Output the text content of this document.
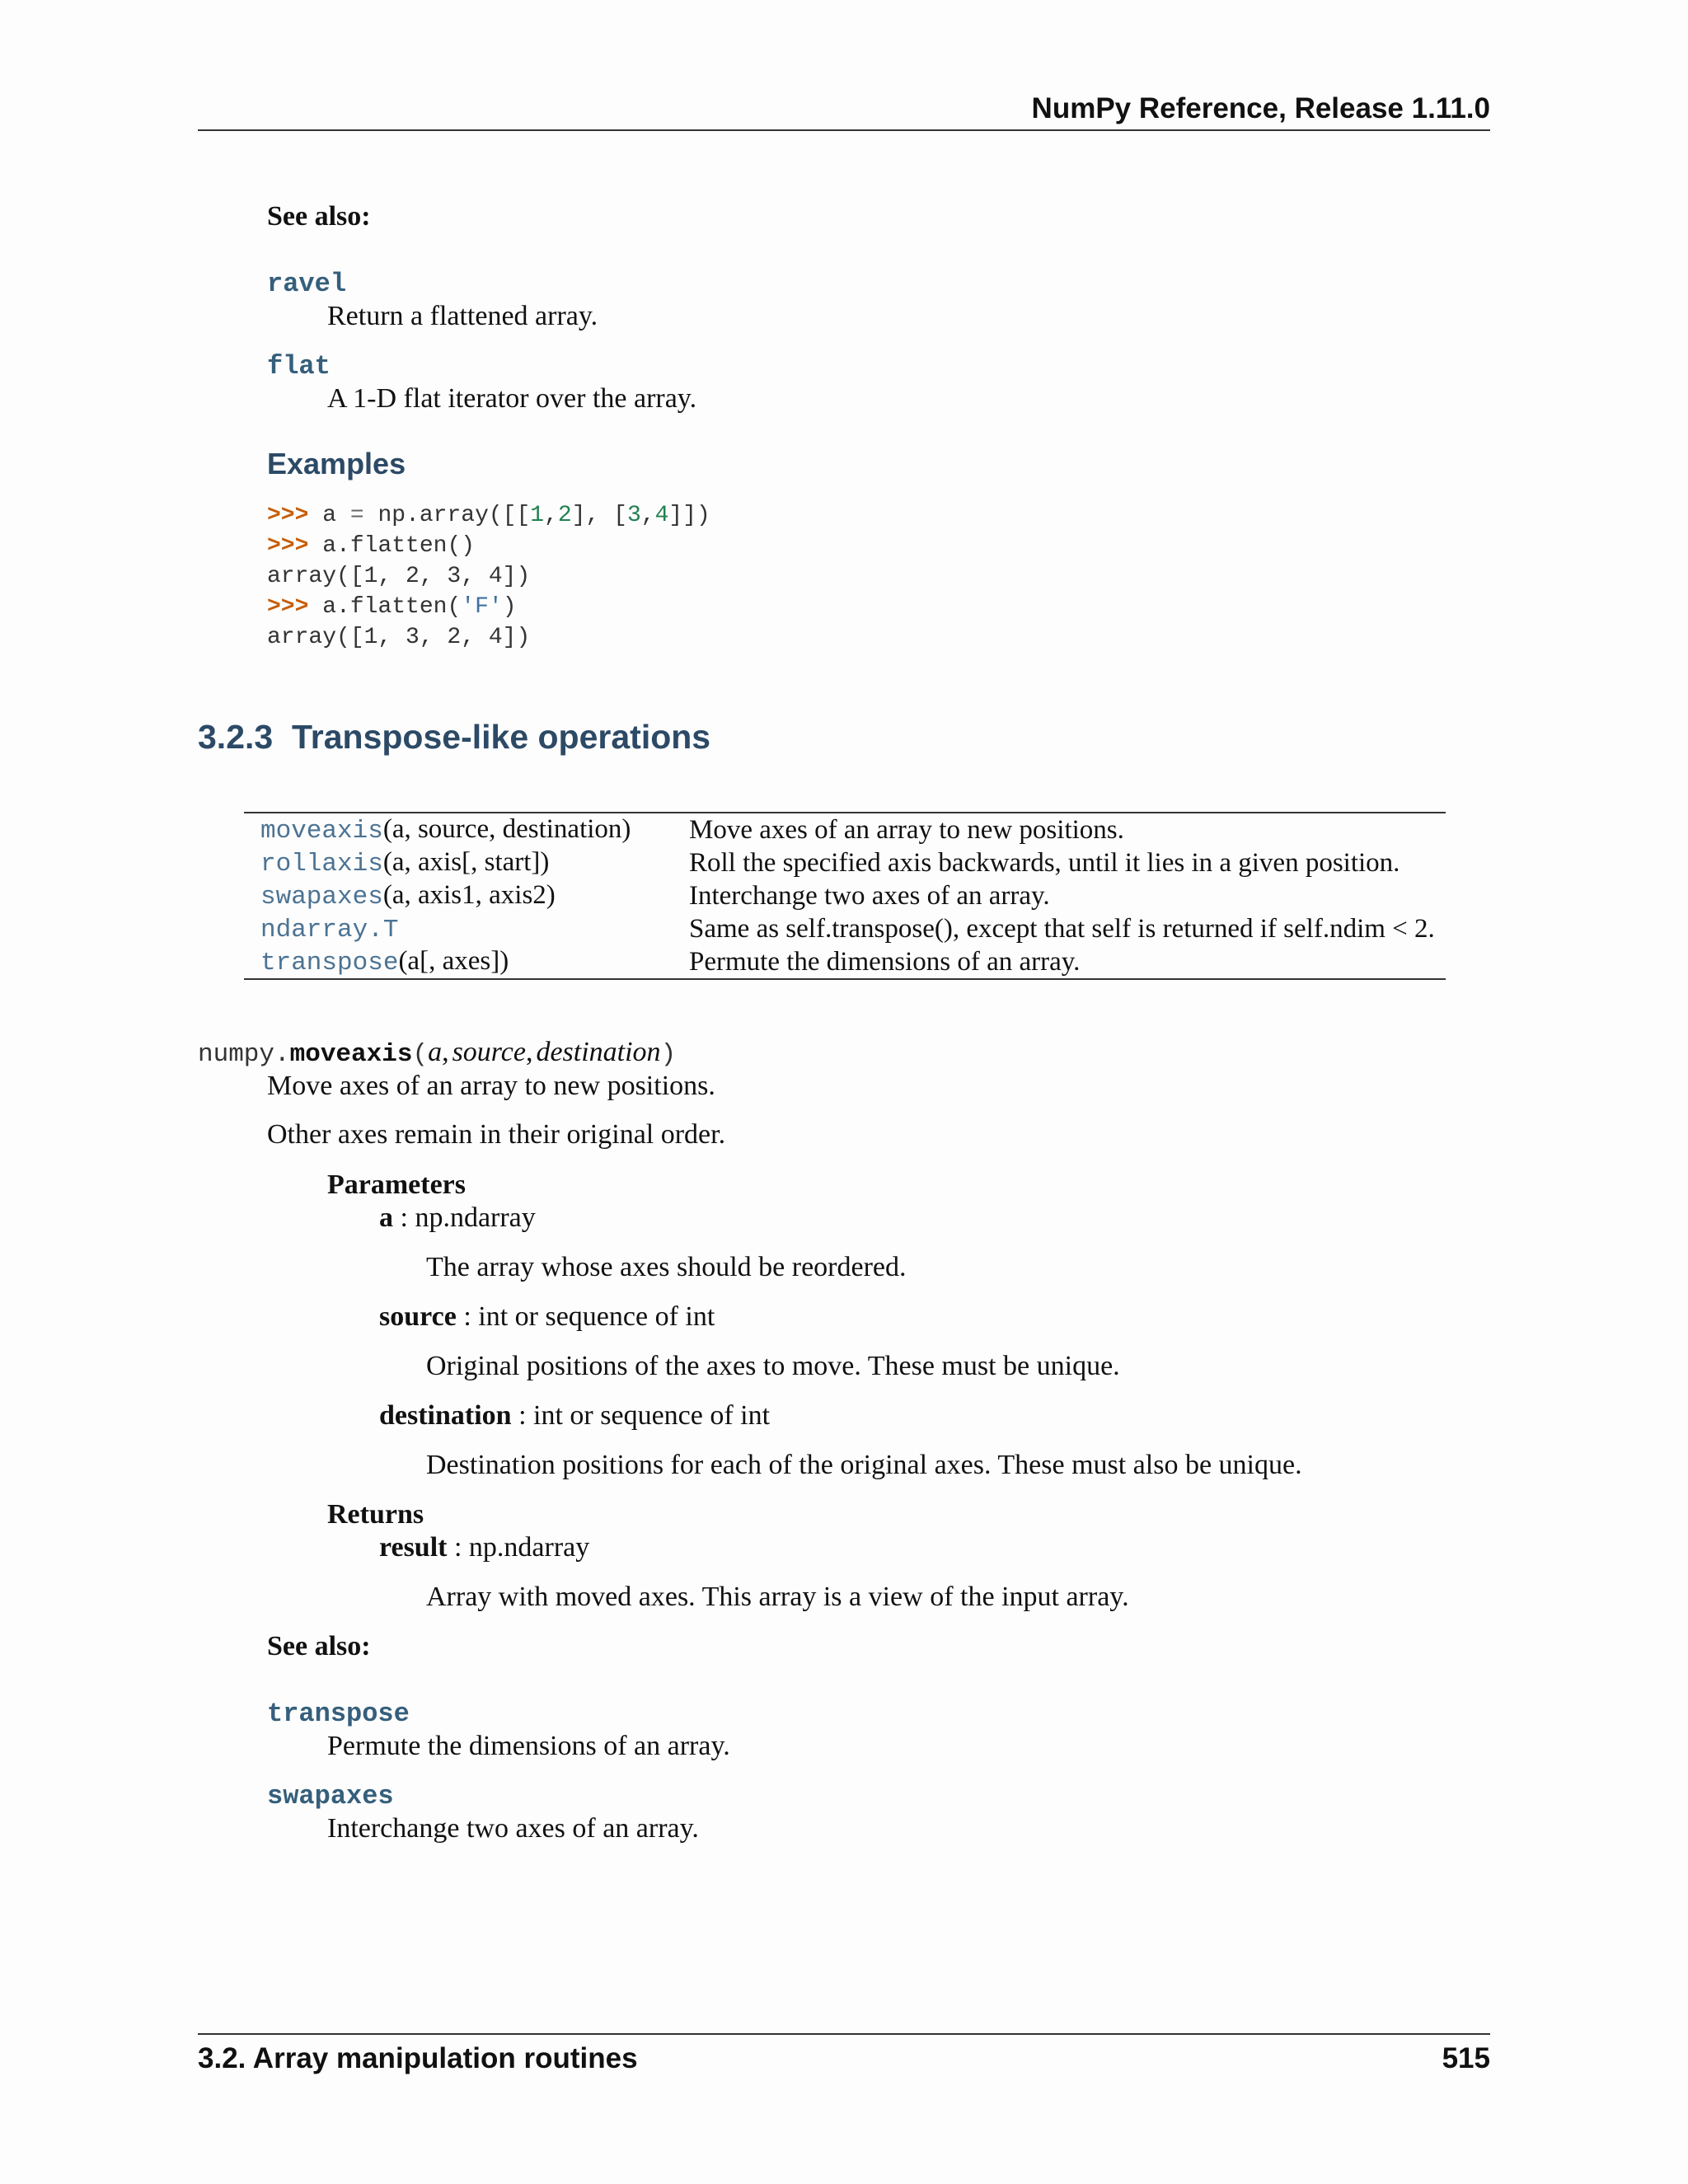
NumPy Reference, Release 1.11.0
See also:
ravel
Return a flattened array.
flat
A 1-D flat iterator over the array.
Examples
>>> a = np.array([[1,2], [3,4]])
>>> a.flatten()
array([1, 2, 3, 4])
>>> a.flatten('F')
array([1, 3, 2, 4])
3.2.3 Transpose-like operations
moveaxis(a, source, destination)	Move axes of an array to new positions.
rollaxis(a, axis[, start])	Roll the specified axis backwards, until it lies in a given position.
swapaxes(a, axis1, axis2)	Interchange two axes of an array.
ndarray.T	Same as self.transpose(), except that self is returned if self.ndim < 2.
transpose(a[, axes])	Permute the dimensions of an array.
numpy.moveaxis(a, source, destination)
Move axes of an array to new positions.
Other axes remain in their original order.
Parameters
a : np.ndarray
The array whose axes should be reordered.
source : int or sequence of int
Original positions of the axes to move. These must be unique.
destination : int or sequence of int
Destination positions for each of the original axes. These must also be unique.
Returns
result : np.ndarray
Array with moved axes. This array is a view of the input array.
See also:
transpose
Permute the dimensions of an array.
swapaxes
Interchange two axes of an array.
3.2. Array manipulation routines	515
